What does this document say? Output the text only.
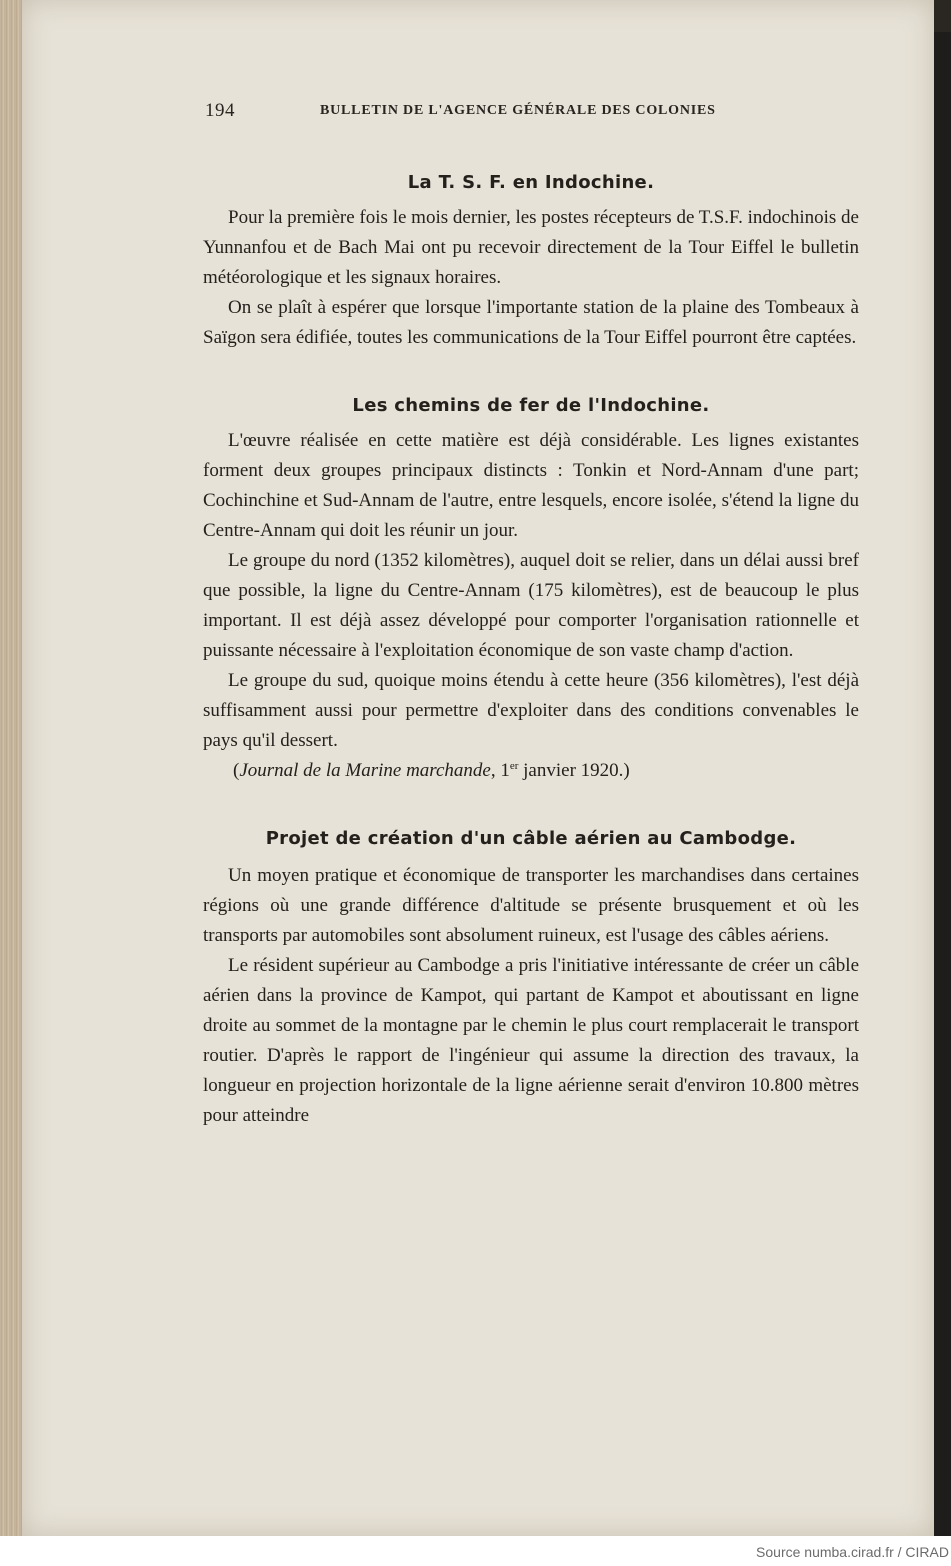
194	BULLETIN DE L'AGENCE GÉNÉRALE DES COLONIES
La T. S. F. en Indochine.

Pour la première fois le mois dernier, les postes récepteurs de T.S.F. indochinois de Yunnanfou et de Bach Mai ont pu recevoir directement de la Tour Eiffel le bulletin météorologique et les signaux horaires.

On se plaît à espérer que lorsque l'importante station de la plaine des Tombeaux à Saïgon sera édifiée, toutes les communications de la Tour Eiffel pourront être captées.

Les chemins de fer de l'Indochine.

L'œuvre réalisée en cette matière est déjà considérable. Les lignes existantes forment deux groupes principaux distincts : Tonkin et Nord-Annam d'une part; Cochinchine et Sud-Annam de l'autre, entre lesquels, encore isolée, s'étend la ligne du Centre-Annam qui doit les réunir un jour.

Le groupe du nord (1352 kilomètres), auquel doit se relier, dans un délai aussi bref que possible, la ligne du Centre-Annam (175 kilomètres), est de beaucoup le plus important. Il est déjà assez développé pour comporter l'organisation rationnelle et puissante nécessaire à l'exploitation économique de son vaste champ d'action.

Le groupe du sud, quoique moins étendu à cette heure (356 kilomètres), l'est déjà suffisamment aussi pour permettre d'exploiter dans des conditions convenables le pays qu'il dessert.

(Journal de la Marine marchande, 1er janvier 1920.)

Projet de création d'un câble aérien au Cambodge.

Un moyen pratique et économique de transporter les marchandises dans certaines régions où une grande différence d'altitude se présente brusquement et où les transports par automobiles sont absolument ruineux, est l'usage des câbles aériens.

Le résident supérieur au Cambodge a pris l'initiative intéressante de créer un câble aérien dans la province de Kampot, qui partant de Kampot et aboutissant en ligne droite au sommet de la montagne par le chemin le plus court remplacerait le transport routier. D'après le rapport de l'ingénieur qui assume la direction des travaux, la longueur en projection horizontale de la ligne aérienne serait d'environ 10.800 mètres pour atteindre

Source numba.cirad.fr / CIRAD
